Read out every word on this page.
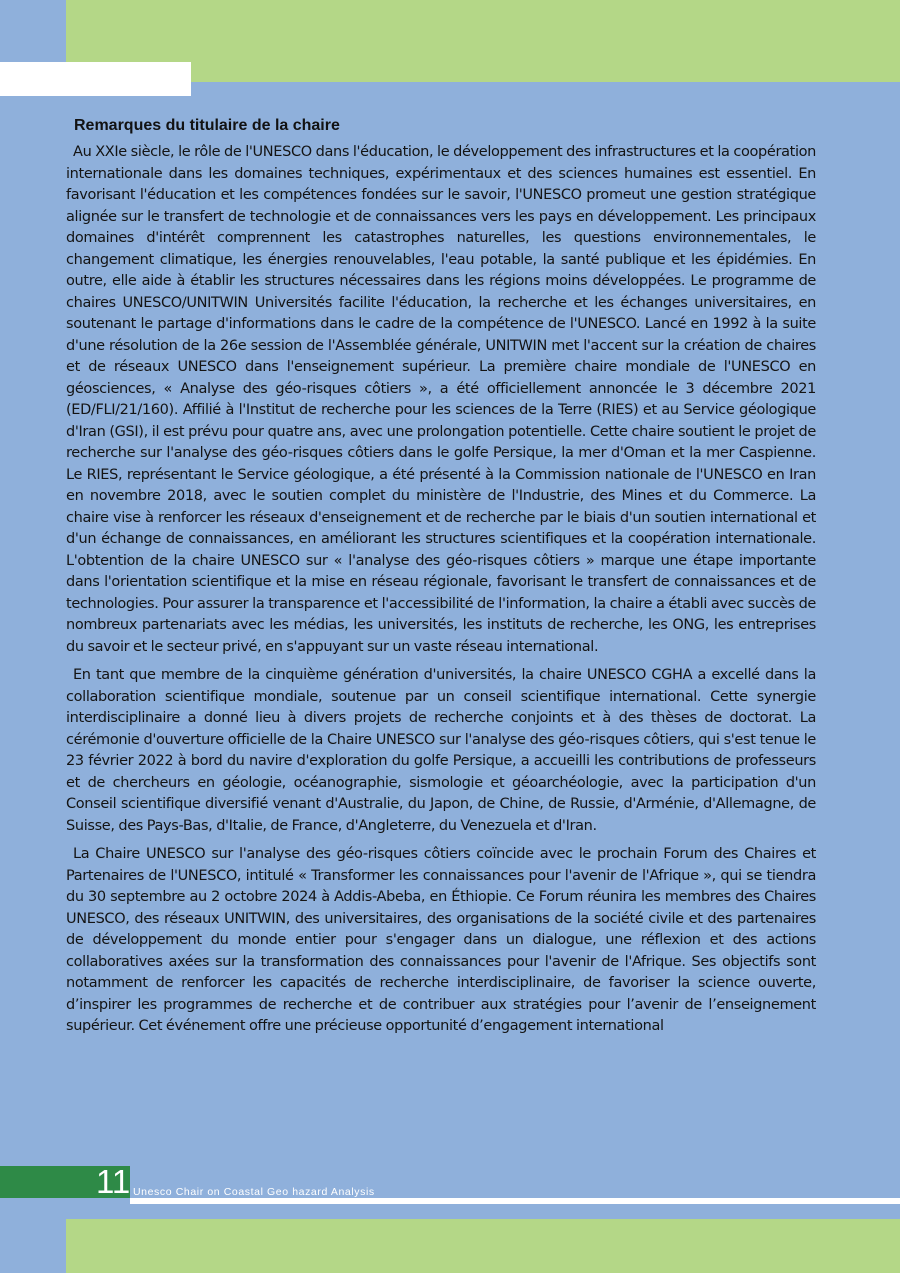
Remarques du titulaire de la chaire

Au XXIe siècle, le rôle de l'UNESCO dans l'éducation, le développement des infrastructures et la coopération internationale dans les domaines techniques, expérimentaux et des sciences humaines est essentiel. En favorisant l'éducation et les compétences fondées sur le savoir, l'UNESCO promeut une gestion stratégique alignée sur le transfert de technologie et de connaissances vers les pays en développement. Les principaux domaines d'intérêt comprennent les catastrophes naturelles, les questions environnementales, le changement climatique, les énergies renouvelables, l'eau potable, la santé publique et les épidémies. En outre, elle aide à établir les structures nécessaires dans les régions moins développées. Le programme de chaires UNESCO/UNITWIN Universités facilite l'éducation, la recherche et les échanges universitaires, en soutenant le partage d'informations dans le cadre de la compétence de l'UNESCO. Lancé en 1992 à la suite d'une résolution de la 26e session de l'Assemblée générale, UNITWIN met l'accent sur la création de chaires et de réseaux UNESCO dans l'enseignement supérieur. La première chaire mondiale de l'UNESCO en géosciences, « Analyse des géo-risques côtiers », a été officiellement annoncée le 3 décembre 2021 (ED/FLI/21/160). Affilié à l'Institut de recherche pour les sciences de la Terre (RIES) et au Service géologique d'Iran (GSI), il est prévu pour quatre ans, avec une prolongation potentielle. Cette chaire soutient le projet de recherche sur l'analyse des géo-risques côtiers dans le golfe Persique, la mer d'Oman et la mer Caspienne. Le RIES, représentant le Service géologique, a été présenté à la Commission nationale de l'UNESCO en Iran en novembre 2018, avec le soutien complet du ministère de l'Industrie, des Mines et du Commerce. La chaire vise à renforcer les réseaux d'enseignement et de recherche par le biais d'un soutien international et d'un échange de connaissances, en améliorant les structures scientifiques et la coopération internationale. L'obtention de la chaire UNESCO sur « l'analyse des géo-risques côtiers » marque une étape importante dans l'orientation scientifique et la mise en réseau régionale, favorisant le transfert de connaissances et de technologies. Pour assurer la transparence et l'accessibilité de l'information, la chaire a établi avec succès de nombreux partenariats avec les médias, les universités, les instituts de recherche, les ONG, les entreprises du savoir et le secteur privé, en s'appuyant sur un vaste réseau international.

En tant que membre de la cinquième génération d'universités, la chaire UNESCO CGHA a excellé dans la collaboration scientifique mondiale, soutenue par un conseil scientifique international. Cette synergie interdisciplinaire a donné lieu à divers projets de recherche conjoints et à des thèses de doctorat. La cérémonie d'ouverture officielle de la Chaire UNESCO sur l'analyse des géo-risques côtiers, qui s'est tenue le 23 février 2022 à bord du navire d'exploration du golfe Persique, a accueilli les contributions de professeurs et de chercheurs en géologie, océanographie, sismologie et géoarchéologie, avec la participation d'un Conseil scientifique diversifié venant d'Australie, du Japon, de Chine, de Russie, d'Arménie, d'Allemagne, de Suisse, des Pays-Bas, d'Italie, de France, d'Angleterre, du Venezuela et d'Iran.

La Chaire UNESCO sur l'analyse des géo-risques côtiers coïncide avec le prochain Forum des Chaires et Partenaires de l'UNESCO, intitulé « Transformer les connaissances pour l'avenir de l'Afrique », qui se tiendra du 30 septembre au 2 octobre 2024 à Addis-Abeba, en Éthiopie. Ce Forum réunira les membres des Chaires UNESCO, des réseaux UNITWIN, des universitaires, des organisations de la société civile et des partenaires de développement du monde entier pour s'engager dans un dialogue, une réflexion et des actions collaboratives axées sur la transformation des connaissances pour l'avenir de l'Afrique. Ses objectifs sont notamment de renforcer les capacités de recherche interdisciplinaire, de favoriser la science ouverte, d’inspirer les programmes de recherche et de contribuer aux stratégies pour l’avenir de l’enseignement supérieur. Cet événement offre une précieuse opportunité d’engagement international

11 Unesco Chair on Coastal Geo hazard Analysis
